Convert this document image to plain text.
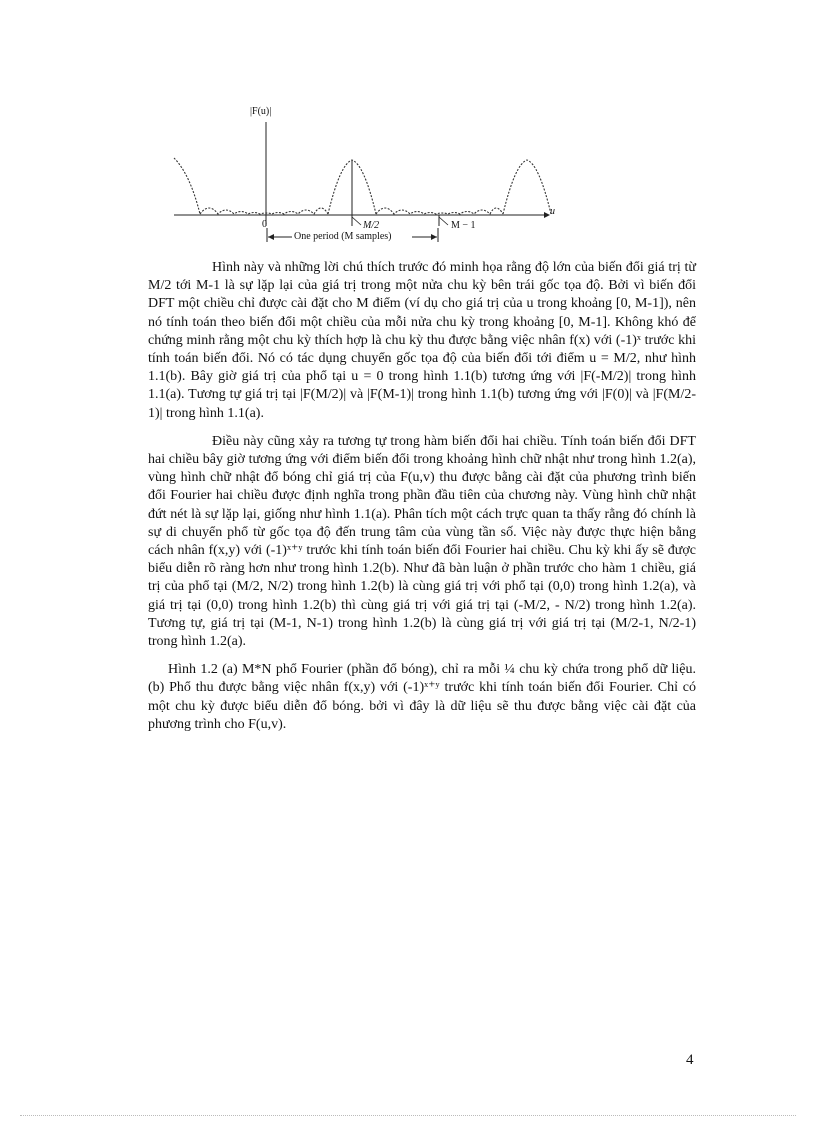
|F(u)|
u
0	M/2	M − 1
One period (M samples)

Hình này và những lời chú thích trước đó minh họa rằng độ lớn của biến đổi giá trị từ M/2 tới M-1 là sự lặp lại của giá trị trong một nửa chu kỳ bên trái gốc tọa độ. Bởi vì biến đổi DFT một chiều chỉ được cài đặt cho M điểm (ví dụ cho giá trị của u trong khoảng [0, M-1]), nên nó tính toán theo biến đổi một chiều của mỗi nửa chu kỳ trong khoảng [0, M-1]. Không khó để chứng minh rằng một chu kỳ thích hợp là chu kỳ thu được bằng việc nhân f(x) với (-1)ˣ trước khi tính toán biến đổi. Nó có tác dụng chuyển gốc tọa độ của biến đổi tới điểm u = M/2, như hình 1.1(b). Bây giờ giá trị của phổ tại u = 0 trong hình 1.1(b) tương ứng với |F(-M/2)| trong hình 1.1(a). Tương tự giá trị tại |F(M/2)| và |F(M-1)| trong hình 1.1(b) tương ứng với |F(0)| và |F(M/2-1)| trong hình 1.1(a).

Điều này cũng xảy ra tương tự trong hàm biến đổi hai chiều. Tính toán biến đổi DFT hai chiều bây giờ tương ứng với điểm biến đổi trong khoảng hình chữ nhật như trong hình 1.2(a), vùng hình chữ nhật đổ bóng chỉ giá trị của F(u,v) thu được bằng cài đặt của phương trình biến đổi Fourier hai chiều được định nghĩa trong phần đầu tiên của chương này. Vùng hình chữ nhật đứt nét là sự lặp lại, giống như hình 1.1(a). Phân tích một cách trực quan ta thấy rằng đó chính là sự di chuyển phổ từ gốc tọa độ đến trung tâm của vùng tần số. Việc này được thực hiện bằng cách nhân f(x,y) với (-1)ˣ⁺ʸ trước khi tính toán biến đổi Fourier hai chiều. Chu kỳ khi ấy sẽ được biểu diễn rõ ràng hơn như trong hình 1.2(b). Như đã bàn luận ở phần trước cho hàm 1 chiều, giá trị của phổ tại (M/2, N/2) trong hình 1.2(b) là cùng giá trị với phổ tại (0,0) trong hình 1.2(a), và giá trị tại (0,0) trong hình 1.2(b) thì cùng giá trị với giá trị tại (-M/2, - N/2) trong hình 1.2(a). Tương tự, giá trị tại (M-1, N-1) trong hình 1.2(b) là cùng giá trị với giá trị tại (M/2-1, N/2-1) trong hình 1.2(a).

Hình 1.2 (a) M*N phổ Fourier (phần đổ bóng), chỉ ra mỗi ¼ chu kỳ chứa trong phổ dữ liệu. (b) Phổ thu được bằng việc nhân f(x,y) với (-1)ˣ⁺ʸ trước khi tính toán biến đổi Fourier. Chỉ có một chu kỳ được biểu diễn đổ bóng. bởi vì đây là dữ liệu sẽ thu được bằng việc cài đặt của phương trình cho F(u,v).

4
